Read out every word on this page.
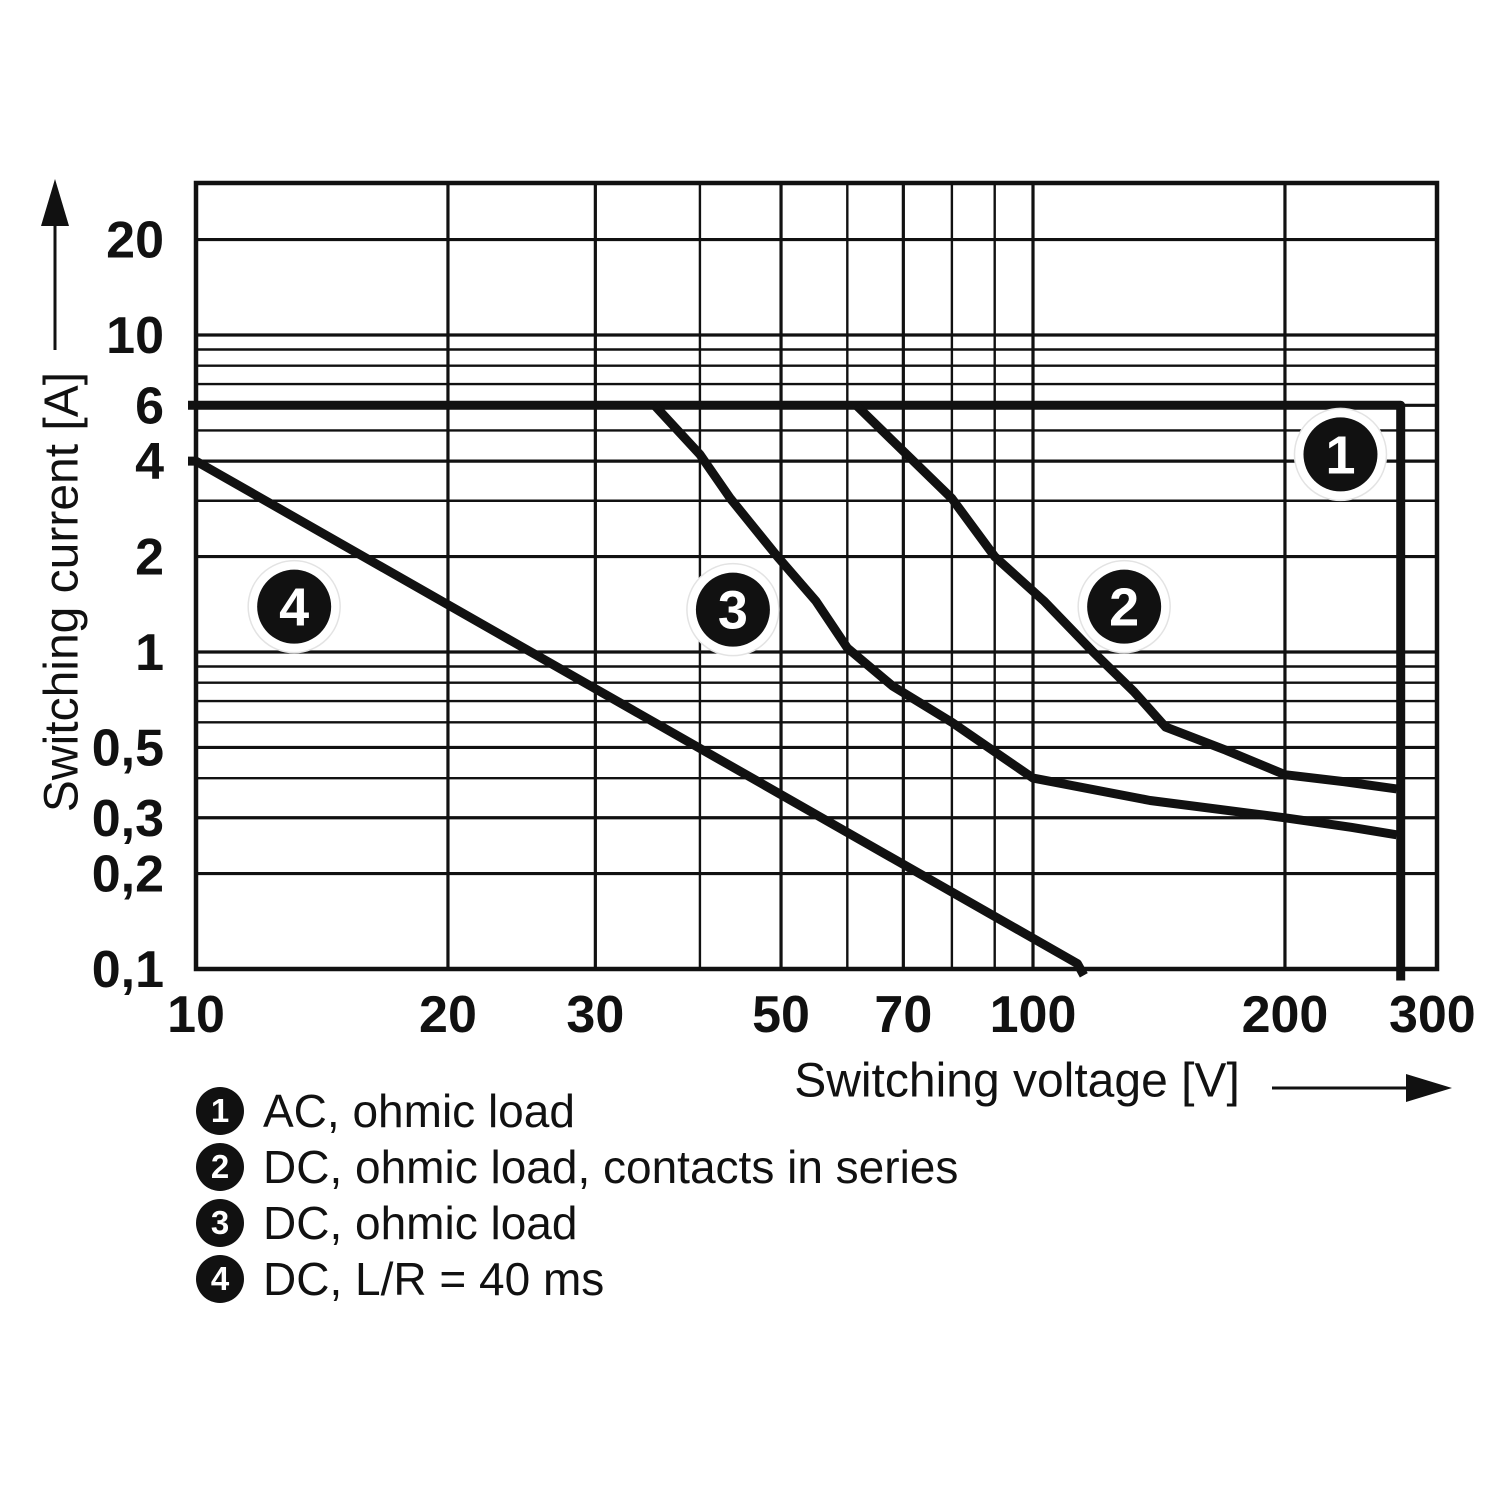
1
2
3
4
10	20 30 50 70 100	200 300
20
10
6
4
2
1
0,5
0,3
0,2
0,1
Switching current [A]
Switching voltage [V]
1 AC, ohmic load
2 DC, ohmic load, contacts in series
3 DC, ohmic load
4 DC, L/R = 40 ms
